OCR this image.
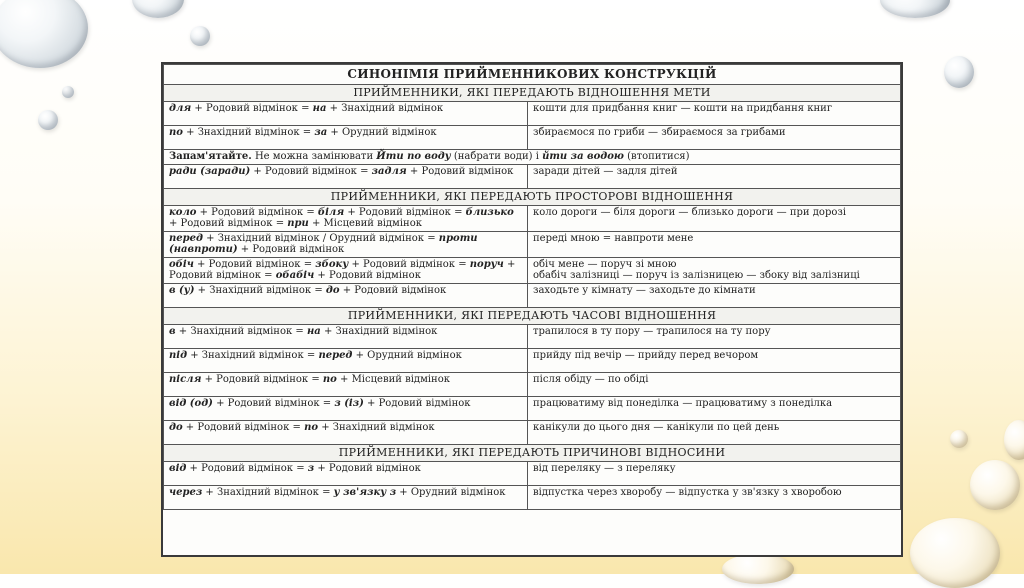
СИНОНІМІЯ ПРИЙМЕННИКОВИХ КОНСТРУКЦІЙ	
ПРИЙМЕННИКИ, ЯКІ ПЕРЕДАЮТЬ ВІДНОШЕННЯ МЕТИ	
для + Родовий відмінок = на + Знахідний відмінок	кошти для придбання книг — кошти на придбання книг
по + Знахідний відмінок = за + Орудний відмінок	збираємося по гриби — збираємося за грибами
Запам'ятайте. Не можна замінювати Йти по воду (набрати води) і йти за водою (втопитися)	
ради (заради) + Родовий відмінок = задля + Родовий відмінок	заради дітей — задля дітей
ПРИЙМЕННИКИ, ЯКІ ПЕРЕДАЮТЬ ПРОСТОРОВІ ВІДНОШЕННЯ	
коло + Родовий відмінок = біля + Родовий відмінок = близько + Родовий відмінок = при + Місцевий відмінок	коло дороги — біля дороги — близько дороги — при дорозі
перед + Знахідний відмінок / Орудний відмінок = проти (навпроти) + Родовий відмінок	переді мною = навпроти мене
обіч + Родовий відмінок = збоку + Родовий відмінок = поруч + Родовий відмінок = обабіч + Родовий відмінок	обіч мене — поруч зі мною
обабіч залізниці — поруч із залізницею — збоку від залізниці

в (у) + Знахідний відмінок = до + Родовий відмінок	заходьте у кімнату — заходьте до кімнати
ПРИЙМЕННИКИ, ЯКІ ПЕРЕДАЮТЬ ЧАСОВІ ВІДНОШЕННЯ	
в + Знахідний відмінок = на + Знахідний відмінок	трапилося в ту пору — трапилося на ту пору
під + Знахідний відмінок = перед + Орудний відмінок	прийду під вечір — прийду перед вечором
після + Родовий відмінок = по + Місцевий відмінок	після обіду — по обіді
від (од) + Родовий відмінок = з (із) + Родовий відмінок	працюватиму від понеділка — працюватиму з понеділка
до + Родовий відмінок = по + Знахідний відмінок	канікули до цього дня — канікули по цей день
ПРИЙМЕННИКИ, ЯКІ ПЕРЕДАЮТЬ ПРИЧИНОВІ ВІДНОСИНИ	
від + Родовий відмінок = з + Родовий відмінок	від переляку — з переляку
через + Знахідний відмінок = у зв'язку з + Орудний відмінок	відпустка через хворобу — відпустка у зв'язку з хворобою
